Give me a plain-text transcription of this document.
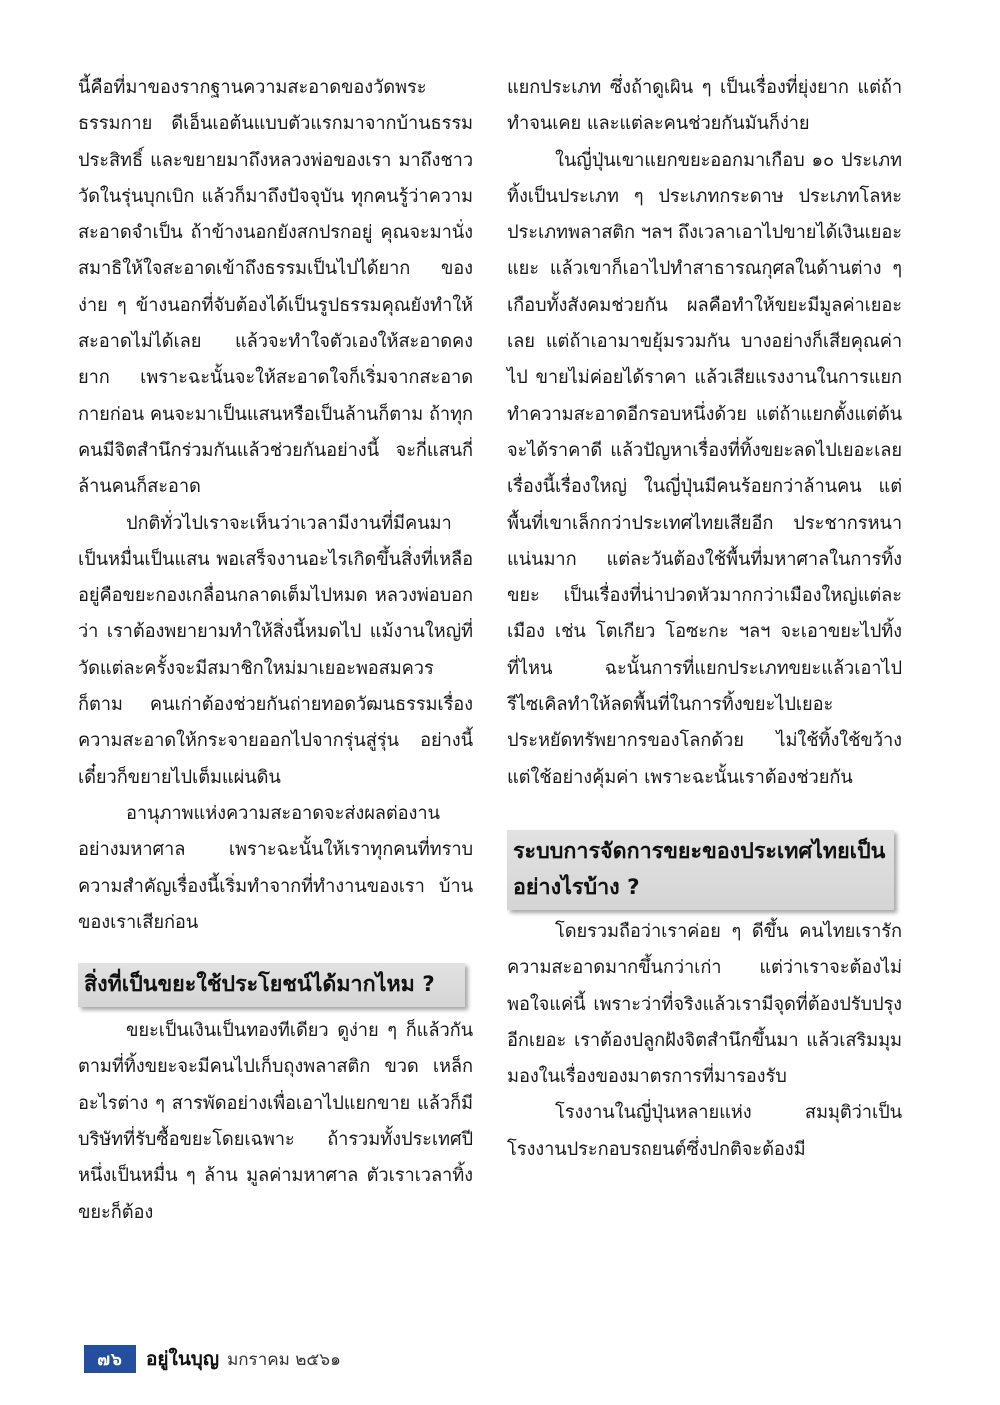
นี้คือที่มาของรากฐานความสะอาดของวัดพระธรรมกาย ดีเอ็นเอต้นแบบตัวแรกมาจากบ้านธรรมประสิทธิ์ และขยายมาถึงหลวงพ่อของเรา มาถึงชาววัดในรุ่นบุกเบิก แล้วก็มาถึงปัจจุบัน ทุกคนรู้ว่าความสะอาดจำเป็น ถ้าข้างนอกยังสกปรกอยู่ คุณจะมานั่งสมาธิให้ใจสะอาดเข้าถึงธรรมเป็นไปได้ยาก ของง่าย ๆ ข้างนอกที่จับต้องได้เป็นรูปธรรมคุณยังทำให้สะอาดไม่ได้เลย แล้วจะทำใจตัวเองให้สะอาดคงยาก เพราะฉะนั้นจะให้สะอาดใจก็เริ่มจากสะอาดกายก่อน คนจะมาเป็นแสนหรือเป็นล้านก็ตาม ถ้าทุกคนมีจิตสำนึกร่วมกันแล้วช่วยกันอย่างนี้ จะกี่แสนกี่ล้านคนก็สะอาด

ปกติทั่วไปเราจะเห็นว่าเวลามีงานที่มีคนมาเป็นหมื่นเป็นแสน พอเสร็จงานอะไรเกิดขึ้นสิ่งที่เหลืออยู่คือขยะกองเกลื่อนกลาดเต็มไปหมด หลวงพ่อบอกว่า เราต้องพยายามทำให้สิ่งนี้หมดไป แม้งานใหญ่ที่วัดแต่ละครั้งจะมีสมาชิกใหม่มาเยอะพอสมควรก็ตาม คนเก่าต้องช่วยกันถ่ายทอดวัฒนธรรมเรื่องความสะอาดให้กระจายออกไปจากรุ่นสู่รุ่น อย่างนี้เดี๋ยวก็ขยายไปเต็มแผ่นดิน

อานุภาพแห่งความสะอาดจะส่งผลต่องานอย่างมหาศาล เพราะฉะนั้นให้เราทุกคนที่ทราบความสำคัญเรื่องนี้เริ่มทำจากที่ทำงานของเรา บ้านของเราเสียก่อน

สิ่งที่เป็นขยะใช้ประโยชน์ได้มากไหม ?

ขยะเป็นเงินเป็นทองทีเดียว ดูง่าย ๆ ก็แล้วกัน ตามที่ทิ้งขยะจะมีคนไปเก็บถุงพลาสติก ขวด เหล็ก อะไรต่าง ๆ สารพัดอย่างเพื่อเอาไปแยกขาย แล้วก็มีบริษัทที่รับซื้อขยะโดยเฉพาะ ถ้ารวมทั้งประเทศปีหนึ่งเป็นหมื่น ๆ ล้าน มูลค่ามหาศาล ตัวเราเวลาทิ้งขยะก็ต้อง

แยกประเภท ซึ่งถ้าดูเผิน ๆ เป็นเรื่องที่ยุ่งยาก แต่ถ้าทำจนเคย และแต่ละคนช่วยกันมันก็ง่าย

ในญี่ปุ่นเขาแยกขยะออกมาเกือบ ๑๐ ประเภท ทิ้งเป็นประเภท ๆ ประเภทกระดาษ ประเภทโลหะ ประเภทพลาสติก ฯลฯ ถึงเวลาเอาไปขายได้เงินเยอะแยะ แล้วเขาก็เอาไปทำสาธารณกุศลในด้านต่าง ๆ เกือบทั้งสังคมช่วยกัน ผลคือทำให้ขยะมีมูลค่าเยอะเลย แต่ถ้าเอามาขยุ้มรวมกัน บางอย่างก็เสียคุณค่าไป ขายไม่ค่อยได้ราคา แล้วเสียแรงงานในการแยกทำความสะอาดอีกรอบหนึ่งด้วย แต่ถ้าแยกตั้งแต่ต้นจะได้ราคาดี แล้วปัญหาเรื่องที่ทิ้งขยะลดไปเยอะเลย เรื่องนี้เรื่องใหญ่ ในญี่ปุ่นมีคนร้อยกว่าล้านคน แต่พื้นที่เขาเล็กกว่าประเทศไทยเสียอีก ประชากรหนาแน่นมาก แต่ละวันต้องใช้พื้นที่มหาศาลในการทิ้งขยะ เป็นเรื่องที่น่าปวดหัวมากกว่าเมืองใหญ่แต่ละเมือง เช่น โตเกียว โอซะกะ ฯลฯ จะเอาขยะไปทิ้งที่ไหน ฉะนั้นการที่แยกประเภทขยะแล้วเอาไปรีไซเคิลทำให้ลดพื้นที่ในการทิ้งขยะไปเยอะ ประหยัดทรัพยากรของโลกด้วย ไม่ใช้ทิ้งใช้ขว้าง แต่ใช้อย่างคุ้มค่า เพราะฉะนั้นเราต้องช่วยกัน

ระบบการจัดการขยะของประเทศไทยเป็นอย่างไรบ้าง ?

โดยรวมถือว่าเราค่อย ๆ ดีขึ้น คนไทยเรารักความสะอาดมากขึ้นกว่าเก่า แต่ว่าเราจะต้องไม่พอใจแค่นี้ เพราะว่าที่จริงแล้วเรามีจุดที่ต้องปรับปรุงอีกเยอะ เราต้องปลูกฝังจิตสำนึกขึ้นมา แล้วเสริมมุมมองในเรื่องของมาตรการที่มารองรับ

โรงงานในญี่ปุ่นหลายแห่ง สมมุติว่าเป็นโรงงานประกอบรถยนต์ซึ่งปกติจะต้องมี

๗๖	อยู่ในบุญ มกราคม ๒๕๖๑
